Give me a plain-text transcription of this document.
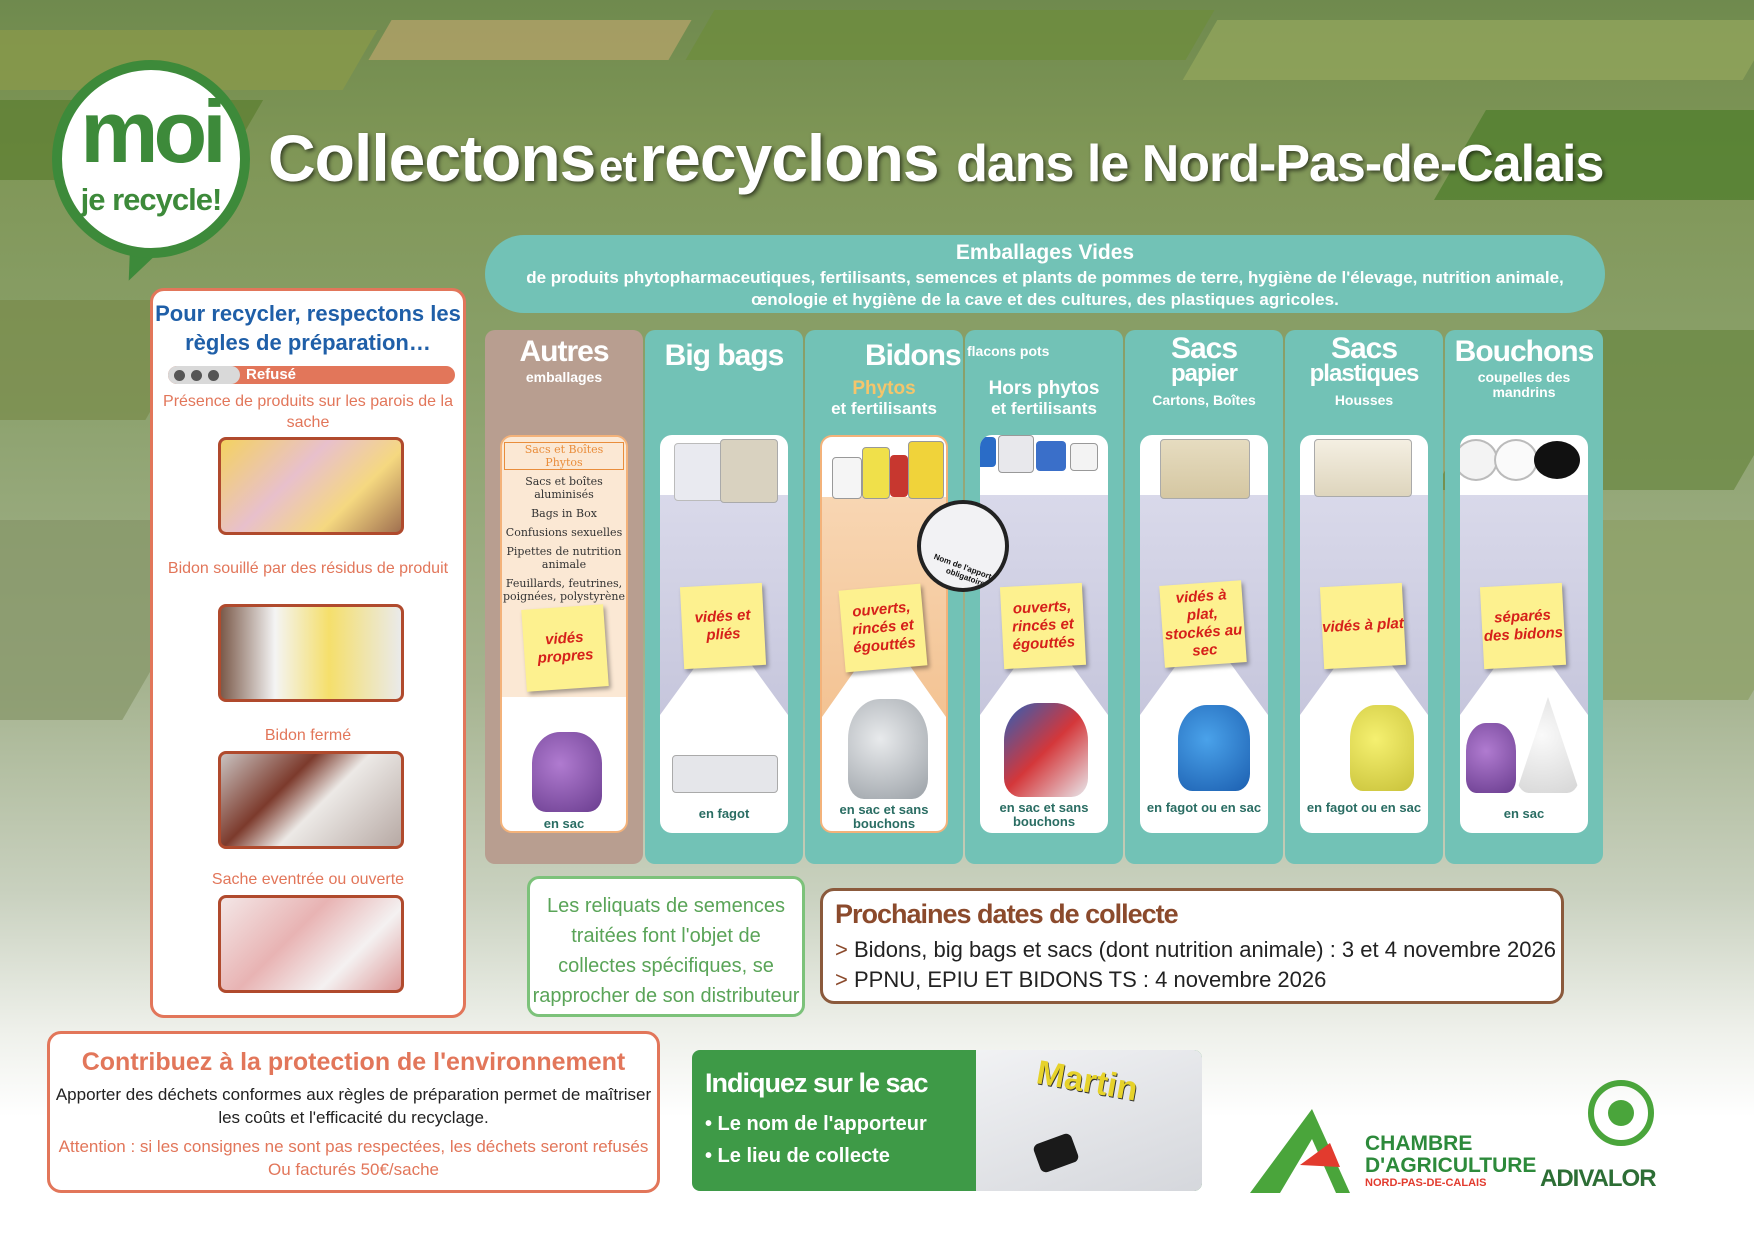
moi
je recycle!
Collectons et recyclons dans le Nord-Pas-de-Calais
Emballages Vides
de produits phytopharmaceutiques, fertilisants, semences et plants de pommes de terre, hygiène de l'élevage, nutrition animale,
œnologie et hygiène de la cave et des cultures, des plastiques agricoles.
Autres
emballages
Sacs et Boîtes Phytos
Sacs et boîtes aluminisés
Bags in Box
Confusions sexuelles
Pipettes de nutrition animale
Feuillards, feutrines, poignées, polystyrène
vidés propres
en sac
Big bags
vidés et pliés
en fagot
Bidons
Phytos
et fertilisants
ouverts, rincés et égouttés
en sac et sans bouchons
flacons pots
Hors phytos
et fertilisants
ouverts, rincés et égouttés
en sac et sans bouchons
Nom de l'apporteur obligatoire
Sacs
papier
Cartons, Boîtes
vidés à plat, stockés au sec
en fagot ou en sac
Sacs
plastiques
Housses
vidés à plat
en fagot ou en sac
Bouchons
coupelles des mandrins
séparés des bidons
en sac
Pour recycler, respectons les règles de préparation…
Refusé
Présence de produits sur les parois de la sache
Bidon souillé par des résidus de produit
Bidon fermé
Sache eventrée ou ouverte
Les reliquats de semences traitées font l'objet de collectes spécifiques, se rapprocher de son distributeur
Prochaines dates de collecte
> Bidons, big bags et sacs (dont nutrition animale) : 3 et 4 novembre 2026
> PPNU, EPIU ET BIDONS TS : 4 novembre 2026
Contribuez à la protection de l'environnement
Apporter des déchets conformes aux règles de préparation permet de maîtriser les coûts et l'efficacité du recyclage.
Attention : si les consignes ne sont pas respectées, les déchets seront refusés Ou facturés 50€/sache
Indiquez sur le sac
• Le nom de l'apporteur
• Le lieu de collecte
Martin
CHAMBRE
D'AGRICULTURE
NORD-PAS-DE-CALAIS	ADIVALOR
